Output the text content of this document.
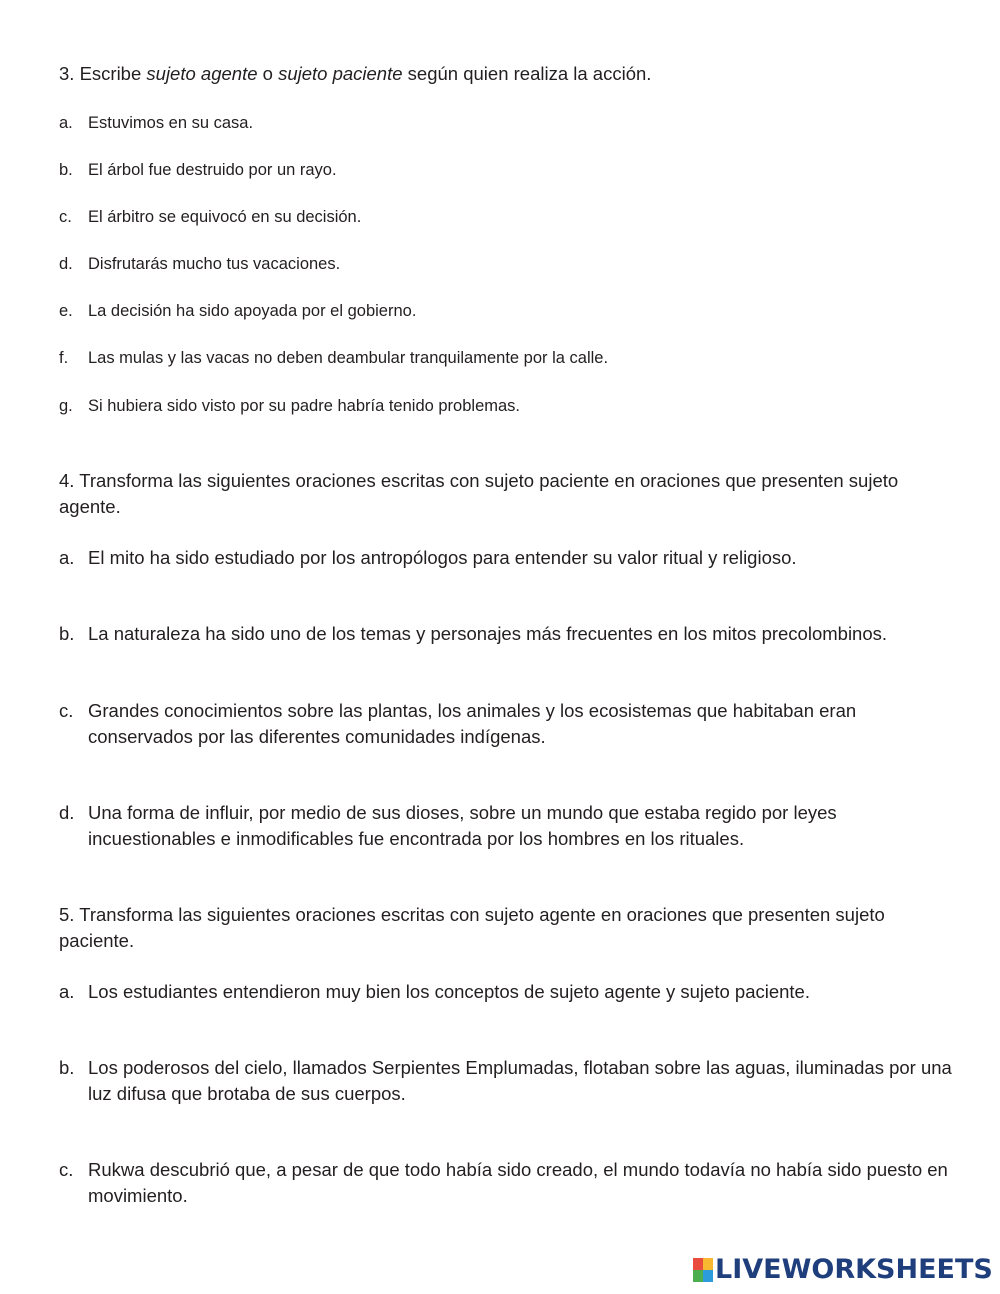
3. Escribe sujeto agente o sujeto paciente según quien realiza la acción.

a. Estuvimos en su casa.
b. El árbol fue destruido por un rayo.
c. El árbitro se equivocó en su decisión.
d. Disfrutarás mucho tus vacaciones.
e. La decisión ha sido apoyada por el gobierno.
f. Las mulas y las vacas no deben deambular tranquilamente por la calle.
g. Si hubiera sido visto por su padre habría tenido problemas.

4. Transforma las siguientes oraciones escritas con sujeto paciente en oraciones que presenten sujeto agente.

a. El mito ha sido estudiado por los antropólogos para entender su valor ritual y religioso.
b. La naturaleza ha sido uno de los temas y personajes más frecuentes en los mitos precolombinos.
c. Grandes conocimientos sobre las plantas, los animales y los ecosistemas que habitaban eran conservados por las diferentes comunidades indígenas.
d. Una forma de influir, por medio de sus dioses, sobre un mundo que estaba regido por leyes incuestionables e inmodificables fue encontrada por los hombres en los rituales.

5. Transforma las siguientes oraciones escritas con sujeto agente en oraciones que presenten sujeto paciente.

a. Los estudiantes entendieron muy bien los conceptos de sujeto agente y sujeto paciente.
b. Los poderosos del cielo, llamados Serpientes Emplumadas, flotaban sobre las aguas, iluminadas por una luz difusa que brotaba de sus cuerpos.
c. Rukwa descubrió que, a pesar de que todo había sido creado, el mundo todavía no había sido puesto en movimiento.
LIVEWORKSHEETS
